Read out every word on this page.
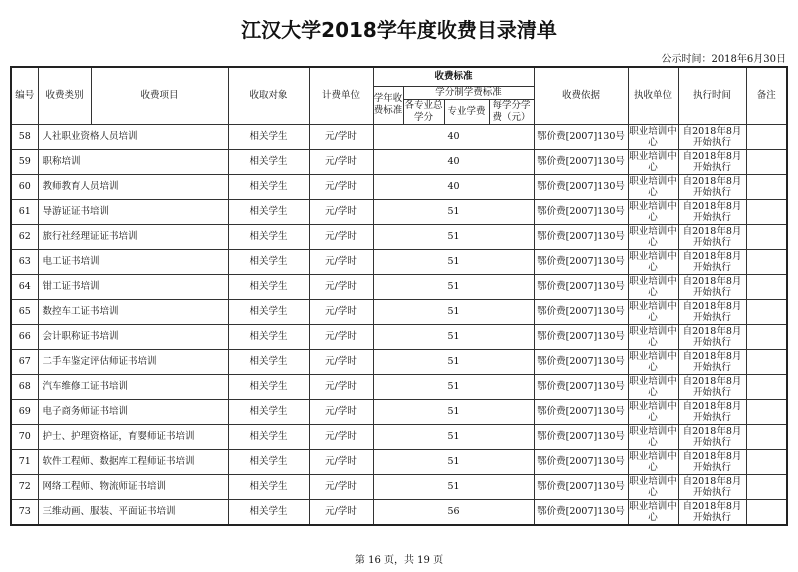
江汉大学2018学年度收费目录清单
公示时间：2018年6月30日
编号	收费类别	收费项目	收取对象	计费单位	收费标准				收费依据	执收单位	执行时间	备注
					学年收费标准	学分制学费标准						
						各专业总学分	专业学费	每学分学费（元）				
58	人社职业资格人员培训		相关学生	元/学时	40				鄂价费[2007]130号	职业培训中心	自2018年8月开始执行	
59	职称培训		相关学生	元/学时	40				鄂价费[2007]130号	职业培训中心	自2018年8月开始执行	
60	教师教育人员培训		相关学生	元/学时	40				鄂价费[2007]130号	职业培训中心	自2018年8月开始执行	
61	导游证证书培训		相关学生	元/学时	51				鄂价费[2007]130号	职业培训中心	自2018年8月开始执行	
62	旅行社经理证证书培训		相关学生	元/学时	51				鄂价费[2007]130号	职业培训中心	自2018年8月开始执行	
63	电工证书培训		相关学生	元/学时	51				鄂价费[2007]130号	职业培训中心	自2018年8月开始执行	
64	钳工证书培训		相关学生	元/学时	51				鄂价费[2007]130号	职业培训中心	自2018年8月开始执行	
65	数控车工证书培训		相关学生	元/学时	51				鄂价费[2007]130号	职业培训中心	自2018年8月开始执行	
66	会计职称证书培训		相关学生	元/学时	51				鄂价费[2007]130号	职业培训中心	自2018年8月开始执行	
67	二手车鉴定评估师证书培训		相关学生	元/学时	51				鄂价费[2007]130号	职业培训中心	自2018年8月开始执行	
68	汽车维修工证书培训		相关学生	元/学时	51				鄂价费[2007]130号	职业培训中心	自2018年8月开始执行	
69	电子商务师证书培训		相关学生	元/学时	51				鄂价费[2007]130号	职业培训中心	自2018年8月开始执行	
70	护士、护理资格证，育婴师证书培训		相关学生	元/学时	51				鄂价费[2007]130号	职业培训中心	自2018年8月开始执行	
71	软件工程师、数据库工程师证书培训		相关学生	元/学时	51				鄂价费[2007]130号	职业培训中心	自2018年8月开始执行	
72	网络工程师、物流师证书培训		相关学生	元/学时	51				鄂价费[2007]130号	职业培训中心	自2018年8月开始执行	
73	三维动画、服装、平面证书培训		相关学生	元/学时	56				鄂价费[2007]130号	职业培训中心	自2018年8月开始执行	
第 16 页，共 19 页
